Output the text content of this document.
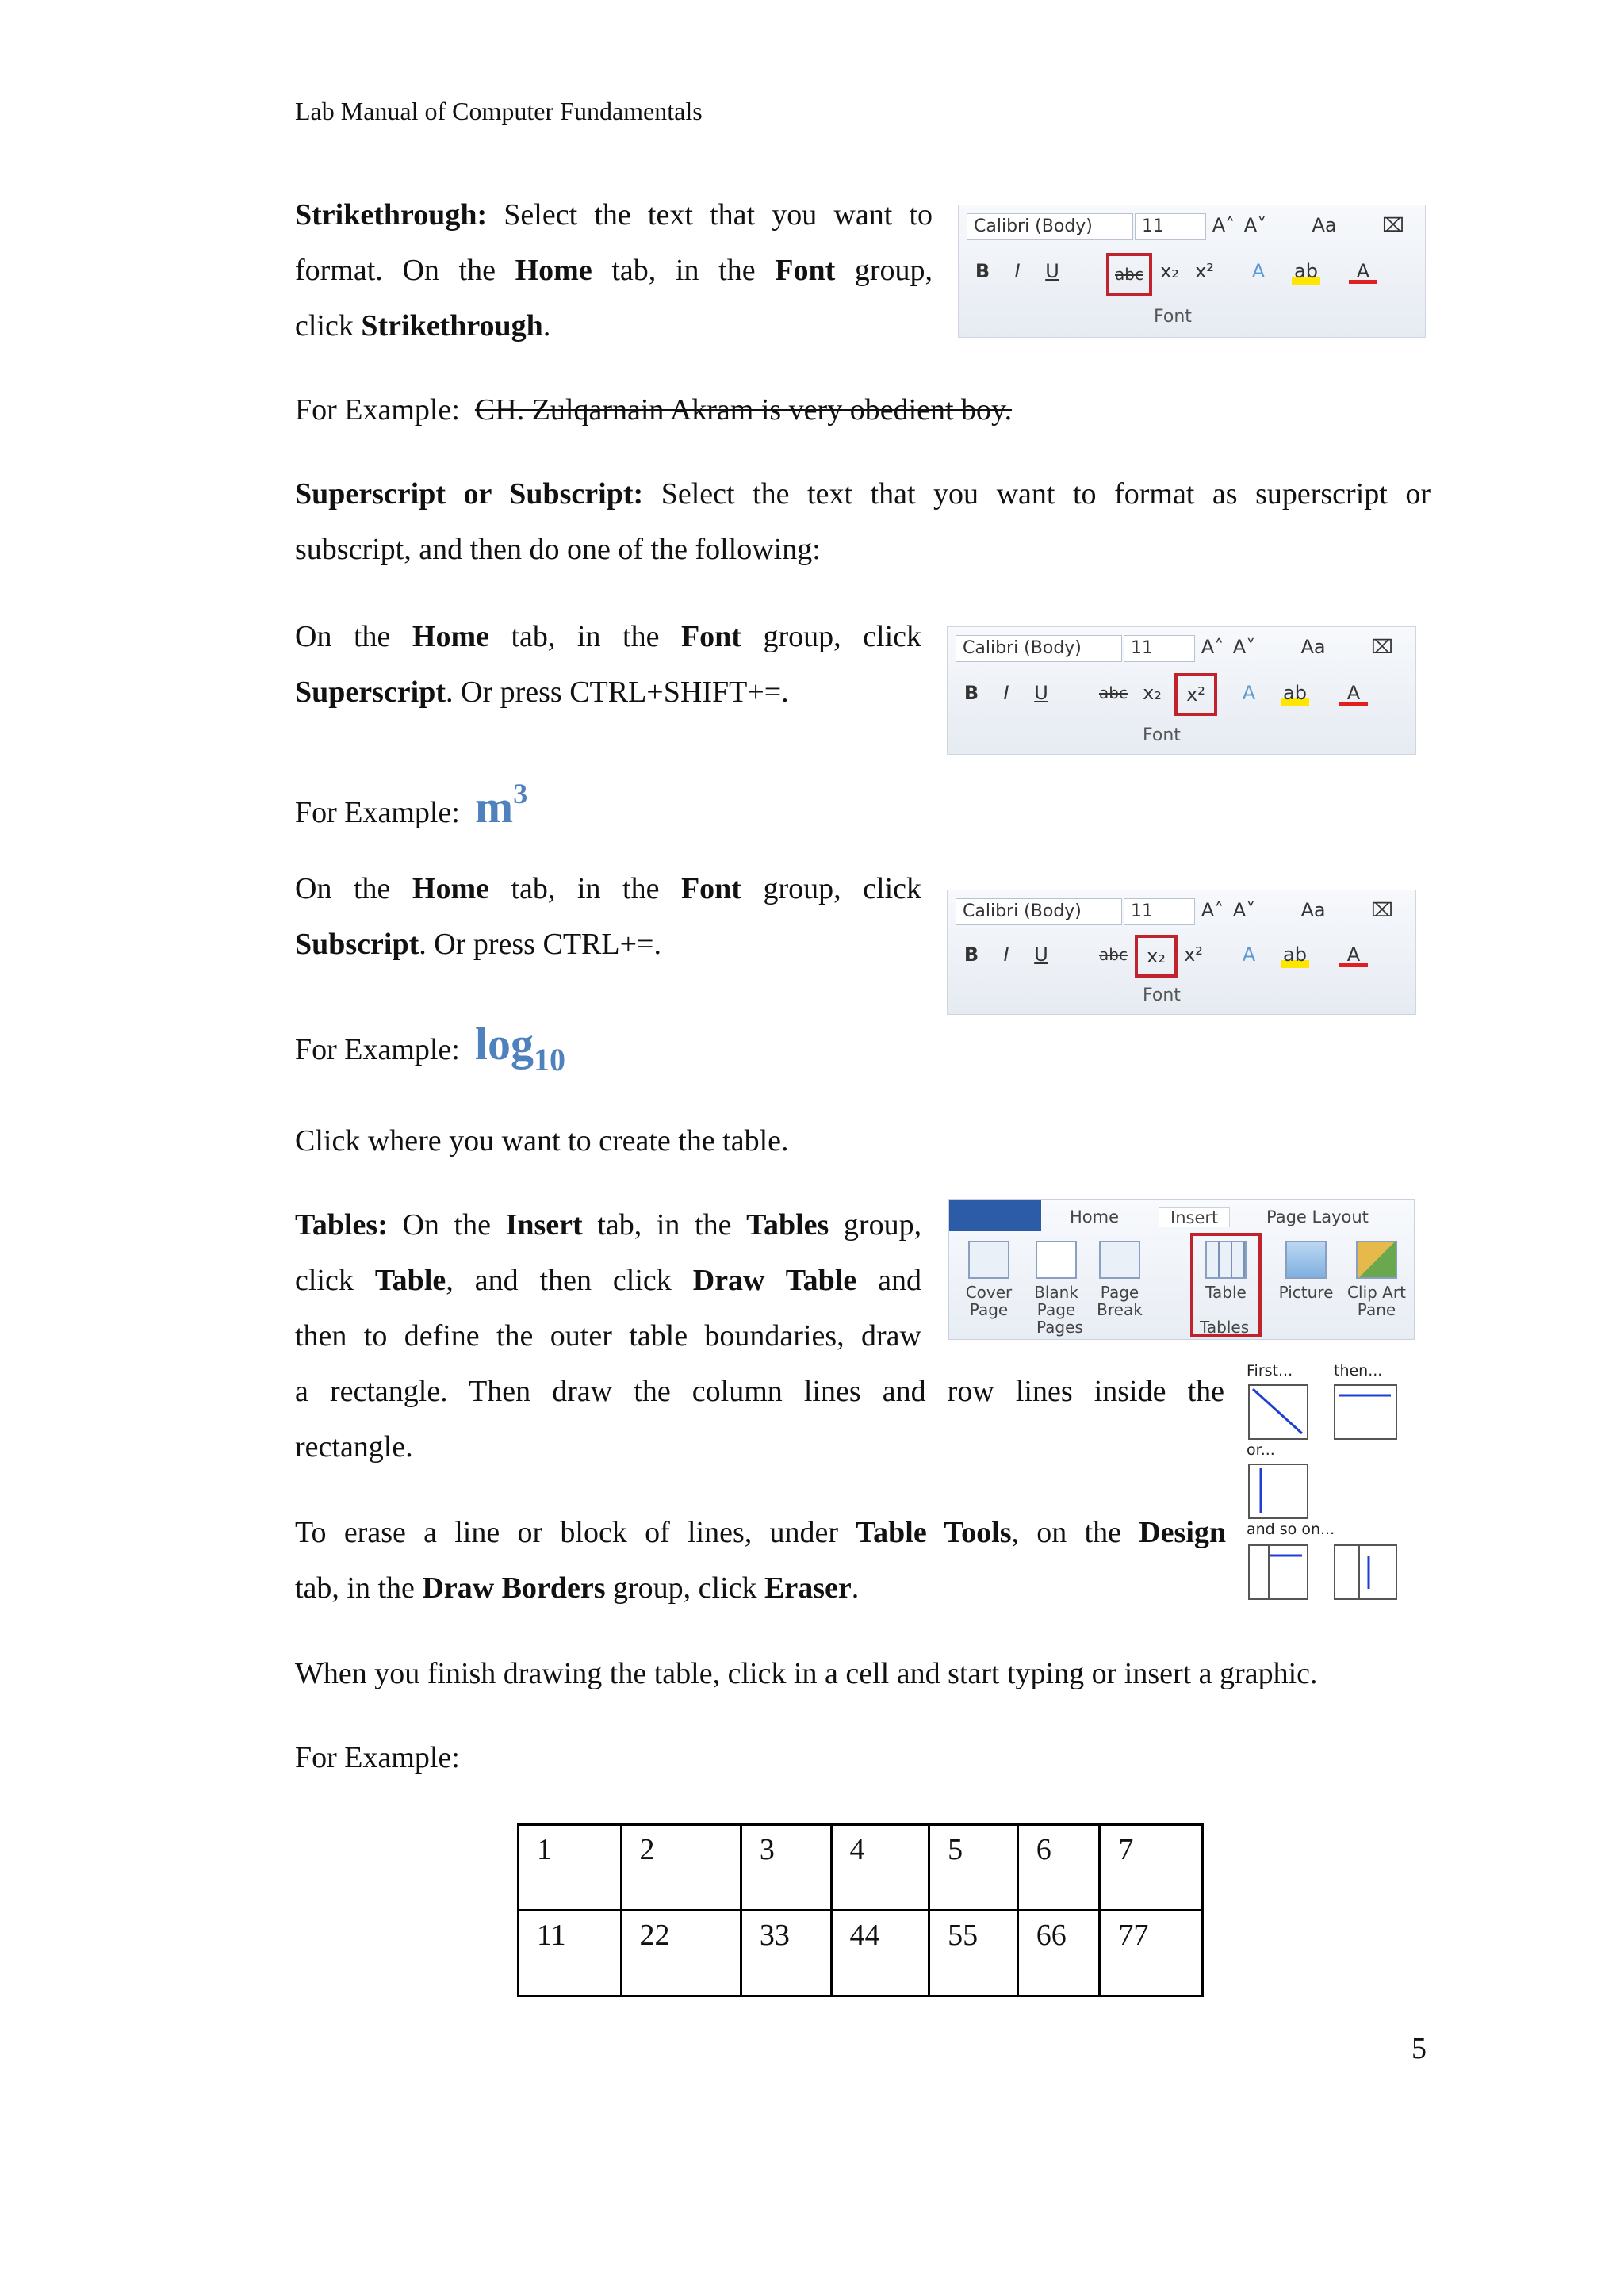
Lab Manual of Computer Fundamentals
Strikethrough: Select the text that you want to
format. On the Home tab, in the Font group,
click Strikethrough.
Calibri (Body)	11	A˄ A˅	Aa	⌧
B	I	U	abc x₂ x²	A	ab	A
Font
For Example: CH. Zulqarnain Akram is very obedient boy.
Superscript or Subscript: Select the text that you want to format as superscript or
subscript, and then do one of the following:
On the Home tab, in the Font group, click
Superscript. Or press CTRL+SHIFT+=.
Calibri (Body)	11	A˄ A˅	Aa	⌧
B	I	U	abc x₂	x²	A	ab	A
Font
For Example: m3
On the Home tab, in the Font group, click
Subscript. Or press CTRL+=.
Calibri (Body)	11	A˄ A˅	Aa	⌧
B	I	U	abc	x₂ x²	A	ab	A
Font
For Example: log10
Click where you want to create the table.
Tables: On the Insert tab, in the Tables group,
click Table, and then click Draw Table and
then to define the outer table boundaries, draw
a rectangle. Then draw the column lines and row lines inside the
rectangle.
Home	Insert	Page Layout
Cover
Page
Blank
Page
Page
Break
Pages
Table
Tables
Picture Clip Art
Pane
First...	then...
or...
and so on...
To erase a line or block of lines, under Table Tools, on the Design
tab, in the Draw Borders group, click Eraser.
When you finish drawing the table, click in a cell and start typing or insert a graphic.
For Example:
1	2	3	4	5	6	7
11	22	33	44	55	66	77
5
